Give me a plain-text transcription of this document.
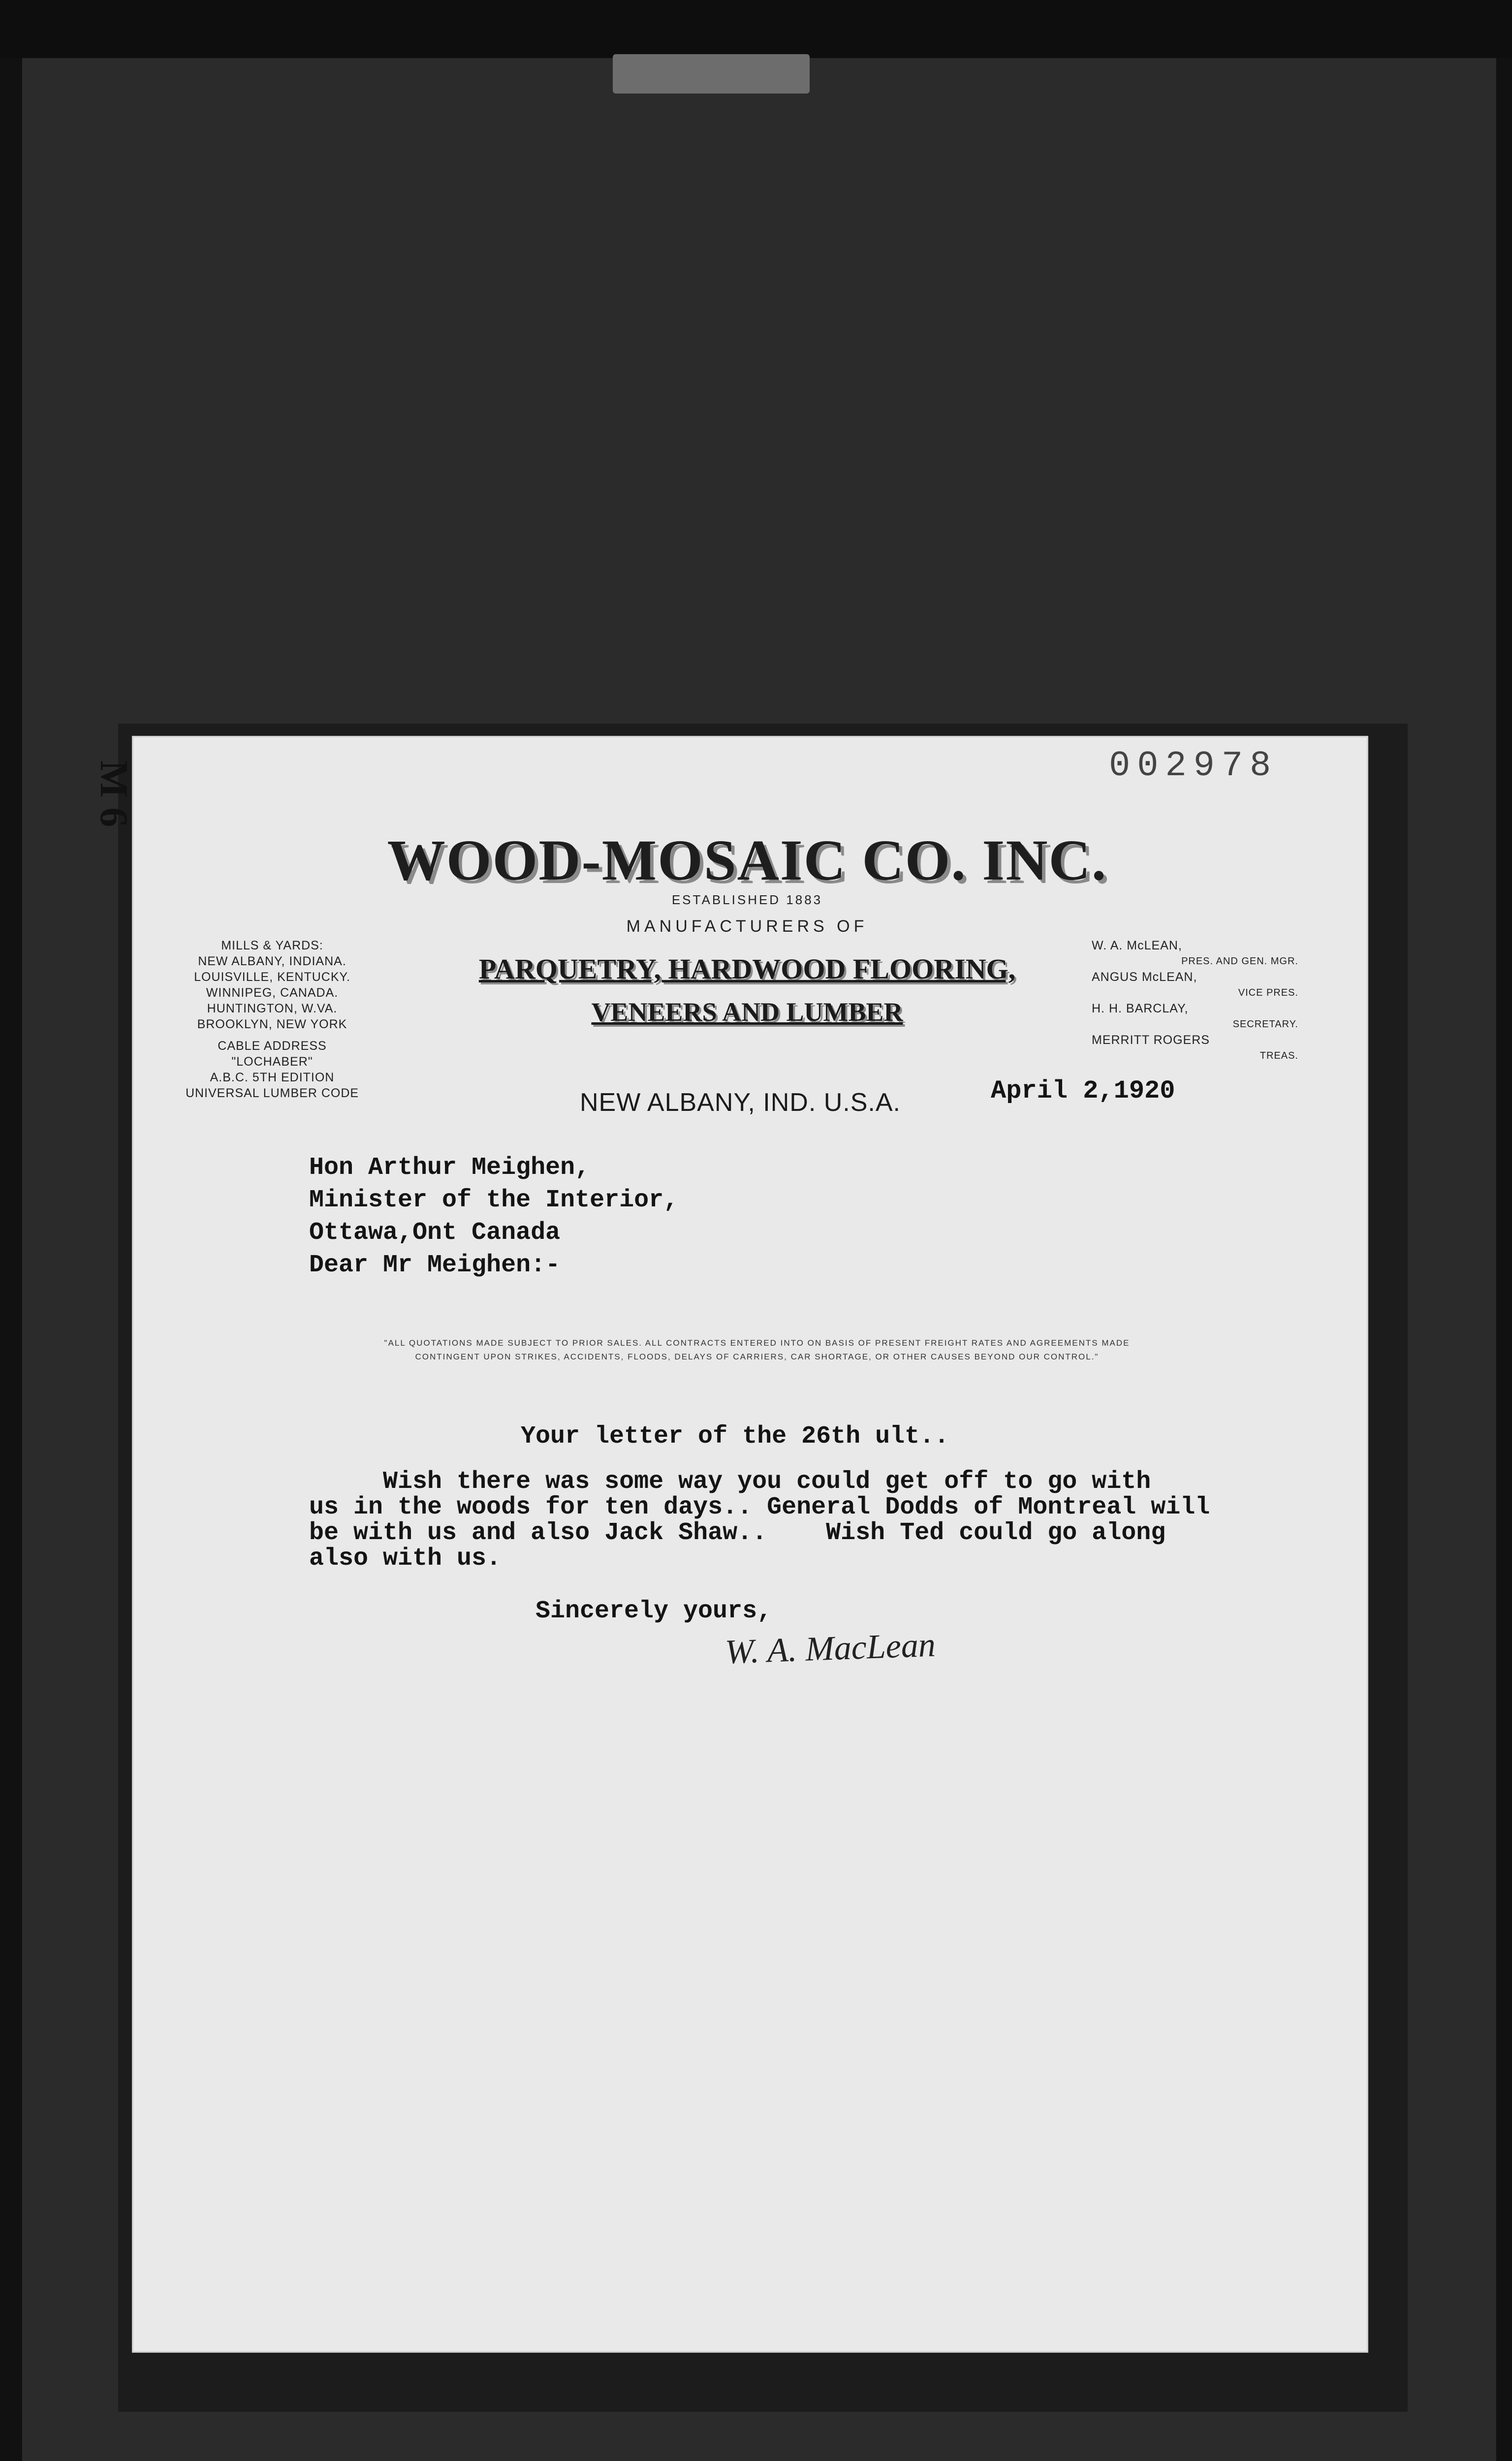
002978
M 6
WOOD-MOSAIC CO. INC.
ESTABLISHED 1883
MANUFACTURERS OF
PARQUETRY, HARDWOOD FLOORING,
VENEERS AND LUMBER
MILLS & YARDS:
NEW ALBANY, INDIANA.
LOUISVILLE, KENTUCKY.
WINNIPEG, CANADA.
HUNTINGTON, W.VA.
BROOKLYN, NEW YORK
CABLE ADDRESS
"LOCHABER"
A.B.C. 5TH EDITION
UNIVERSAL LUMBER CODE
W. A. McLEAN,
PRES. AND GEN. MGR.
ANGUS McLEAN,
VICE PRES.
H. H. BARCLAY,
SECRETARY.
MERRITT ROGERS
TREAS.
NEW ALBANY, IND. U.S.A.	April 2,1920
Hon Arthur Meighen,
Minister of the Interior,
Ottawa,Ont Canada
Dear Mr Meighen:-
"ALL QUOTATIONS MADE SUBJECT TO PRIOR SALES. ALL CONTRACTS ENTERED INTO ON BASIS OF PRESENT FREIGHT RATES AND AGREEMENTS MADE
CONTINGENT UPON STRIKES, ACCIDENTS, FLOODS, DELAYS OF CARRIERS, CAR SHORTAGE, OR OTHER CAUSES BEYOND OUR CONTROL."
Your letter of the 26th ult..
Wish there was some way you could get off to go with
us in the woods for ten days.. General Dodds of Montreal will
be with us and also Jack Shaw..    Wish Ted could go along
also with us.
Sincerely yours,
W. A. MacLean
